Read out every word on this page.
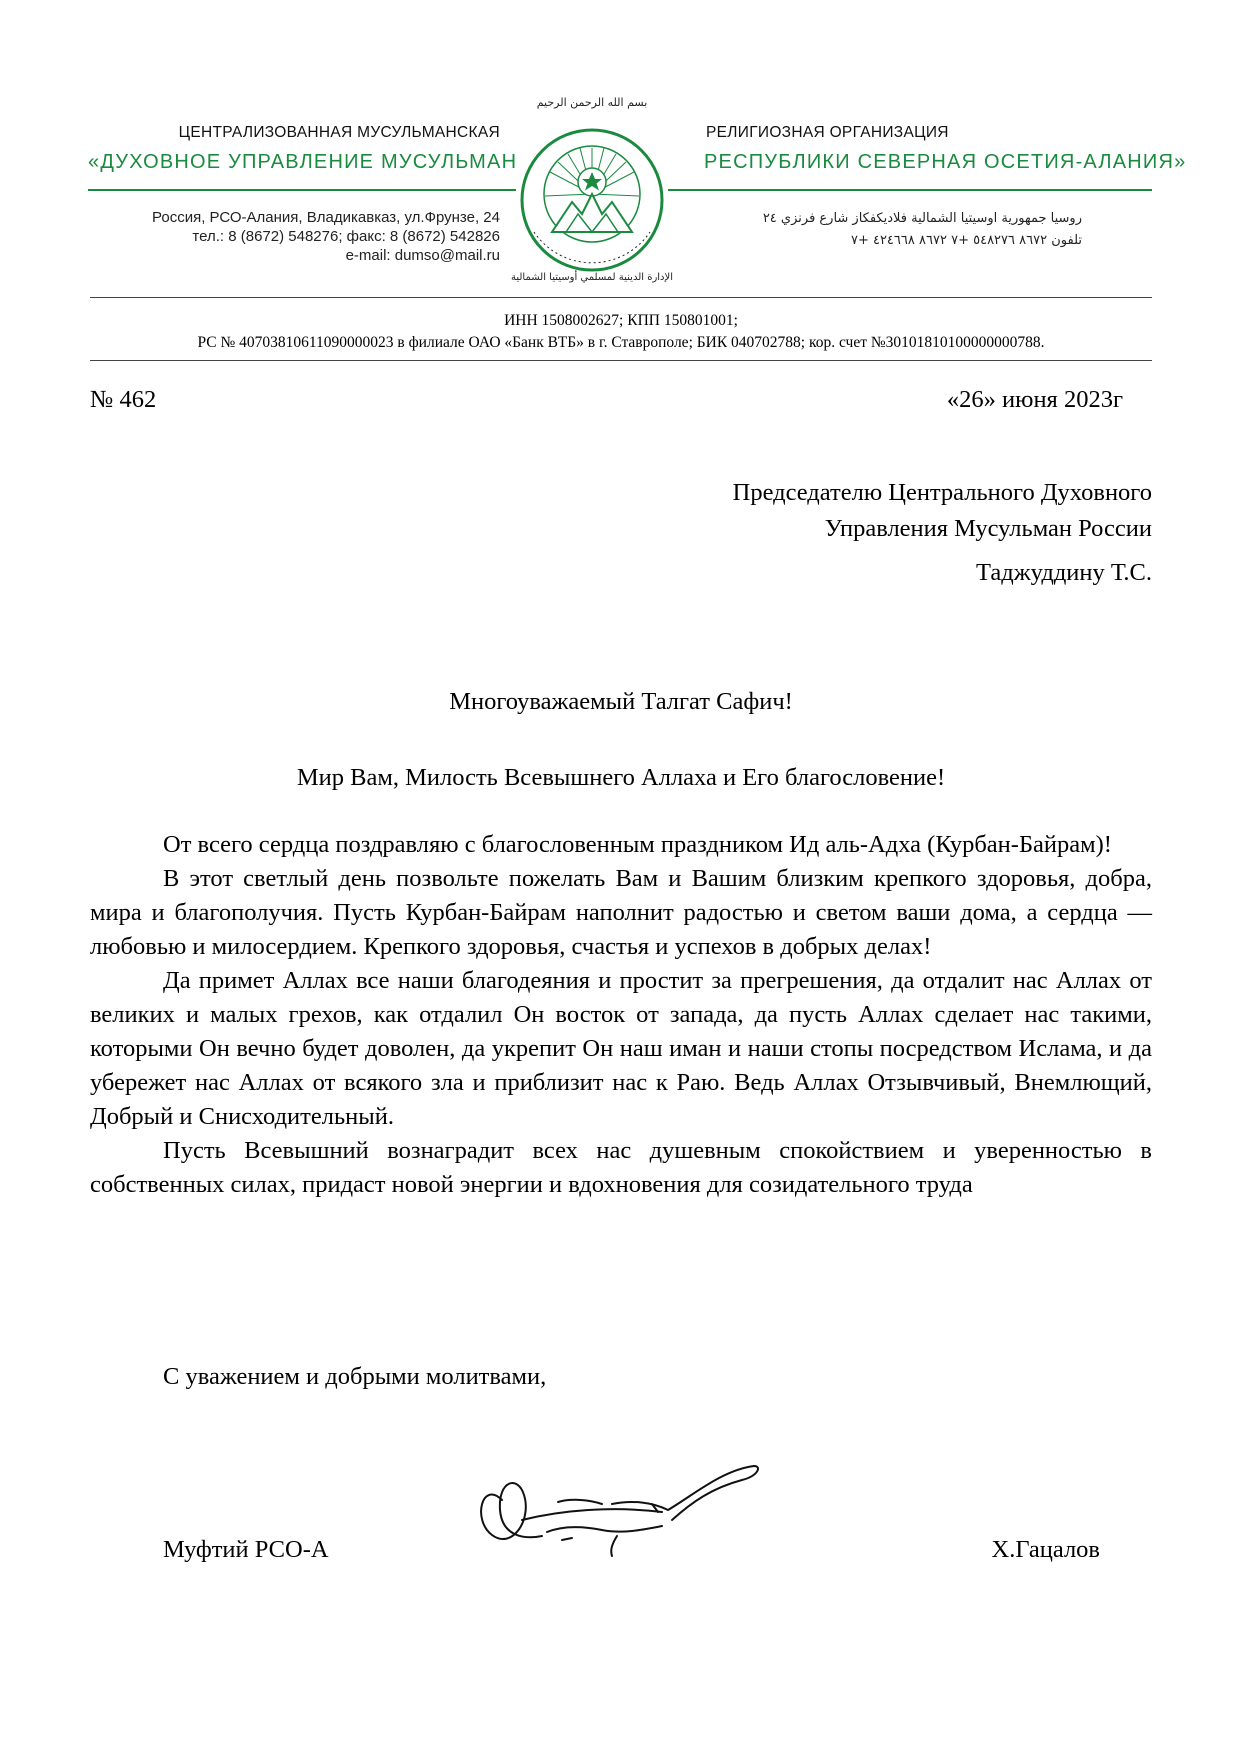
ЦЕНТРАЛИЗОВАННАЯ МУСУЛЬМАНСКАЯ
«ДУХОВНОЕ УПРАВЛЕНИЕ МУСУЛЬМАН
РЕЛИГИОЗНАЯ ОРГАНИЗАЦИЯ
РЕСПУБЛИКИ СЕВЕРНАЯ ОСЕТИЯ-АЛАНИЯ»
بسم الله الرحمن الرحيم
الإدارة الدينية لمسلمي أوسيتيا الشمالية
Россия, РСО-Алания, Владикавказ, ул.Фрунзе, 24
тел.: 8 (8672) 548276; факс: 8 (8672) 542826
e-mail: dumso@mail.ru
روسيا جمهورية اوسيتيا الشمالية فلاديكفكاز شارع فرنزي ٢٤
تلفون ٨٦٧٢ ٥٤٨٢٧٦ +٧ ٨٦٧٢ ٤٢٤٦٦٨ +٧
ИНН 1508002627; КПП 150801001;
РС № 40703810611090000023 в филиале ОАО «Банк ВТБ» в г. Ставрополе; БИК 040702788; кор. счет №30101810100000000788.
№ 462	«26» июня 2023г
Председателю Центрального Духовного
Управления Мусульман России
Таджуддину Т.С.
Многоуважаемый Талгат Сафич!
Мир Вам, Милость Всевышнего Аллаха и Его благословение!

От всего сердца поздравляю с благословенным праздником Ид аль-Адха (Курбан-Байрам)!

В этот светлый день позвольте пожелать Вам и Вашим близким крепкого здоровья, добра, мира и благополучия. Пусть Курбан-Байрам наполнит радостью и светом ваши дома, а сердца — любовью и милосердием. Крепкого здоровья, счастья и успехов в добрых делах!

Да примет Аллах все наши благодеяния и простит за прегрешения, да отдалит нас Аллах от великих и малых грехов, как отдалил Он восток от запада, да пусть Аллах сделает нас такими, которыми Он вечно будет доволен, да укрепит Он наш иман и наши стопы посредством Ислама, и да убережет нас Аллах от всякого зла и приблизит нас к Раю. Ведь Аллах Отзывчивый, Внемлющий, Добрый и Снисходительный.

Пусть Всевышний вознаградит всех нас душевным спокойствием и уверенностью в собственных силах, придаст новой энергии и вдохновения для созидательного труда

С уважением и добрыми молитвами,
Муфтий РСО-А	Х.Гацалов
